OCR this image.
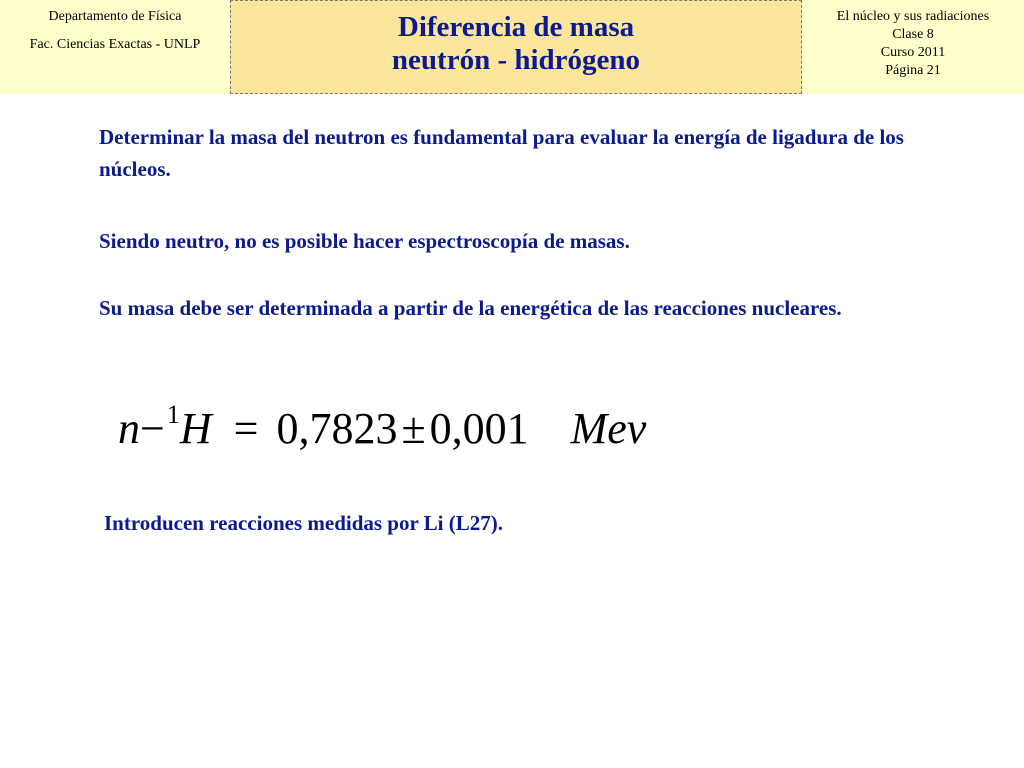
Departamento de Física
Fac. Ciencias Exactas - UNLP
Diferencia de masa
neutrón - hidrógeno
El núcleo y sus radiaciones
Clase 8
Curso 2011
Página 21

Determinar la masa del neutron es fundamental para evaluar la energía de ligadura de los núcleos.

Siendo neutro, no es posible hacer espectroscopía de masas.

Su masa debe ser determinada a partir de la energética de las reacciones nucleares.

n−$^1$H = 0,7823±0,001 Mev

Introducen reacciones medidas por Li (L27).
